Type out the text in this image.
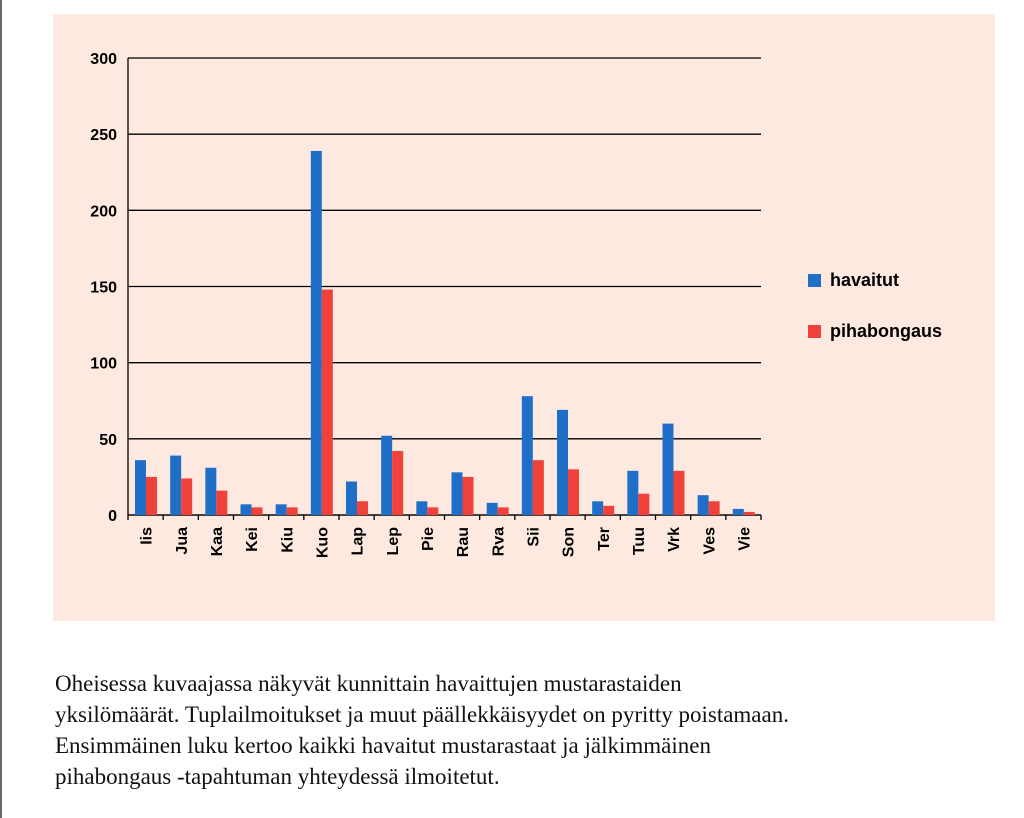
0
50
100
150
200
250
300
Iis Jua Kaa Kei Kiu Kuo Lap Lep Pie Rau Rva Sii Son Ter Tuu Vrk Ves Vie
havaitut
pihabongaus

Oheisessa kuvaajassa näkyvät kunnittain havaittujen mustarastaiden
yksilömäärät. Tuplailmoitukset ja muut päällekkäisyydet on pyritty poistamaan.
Ensimmäinen luku kertoo kaikki havaitut mustarastaat ja jälkimmäinen
pihabongaus -tapahtuman yhteydessä ilmoitetut.
